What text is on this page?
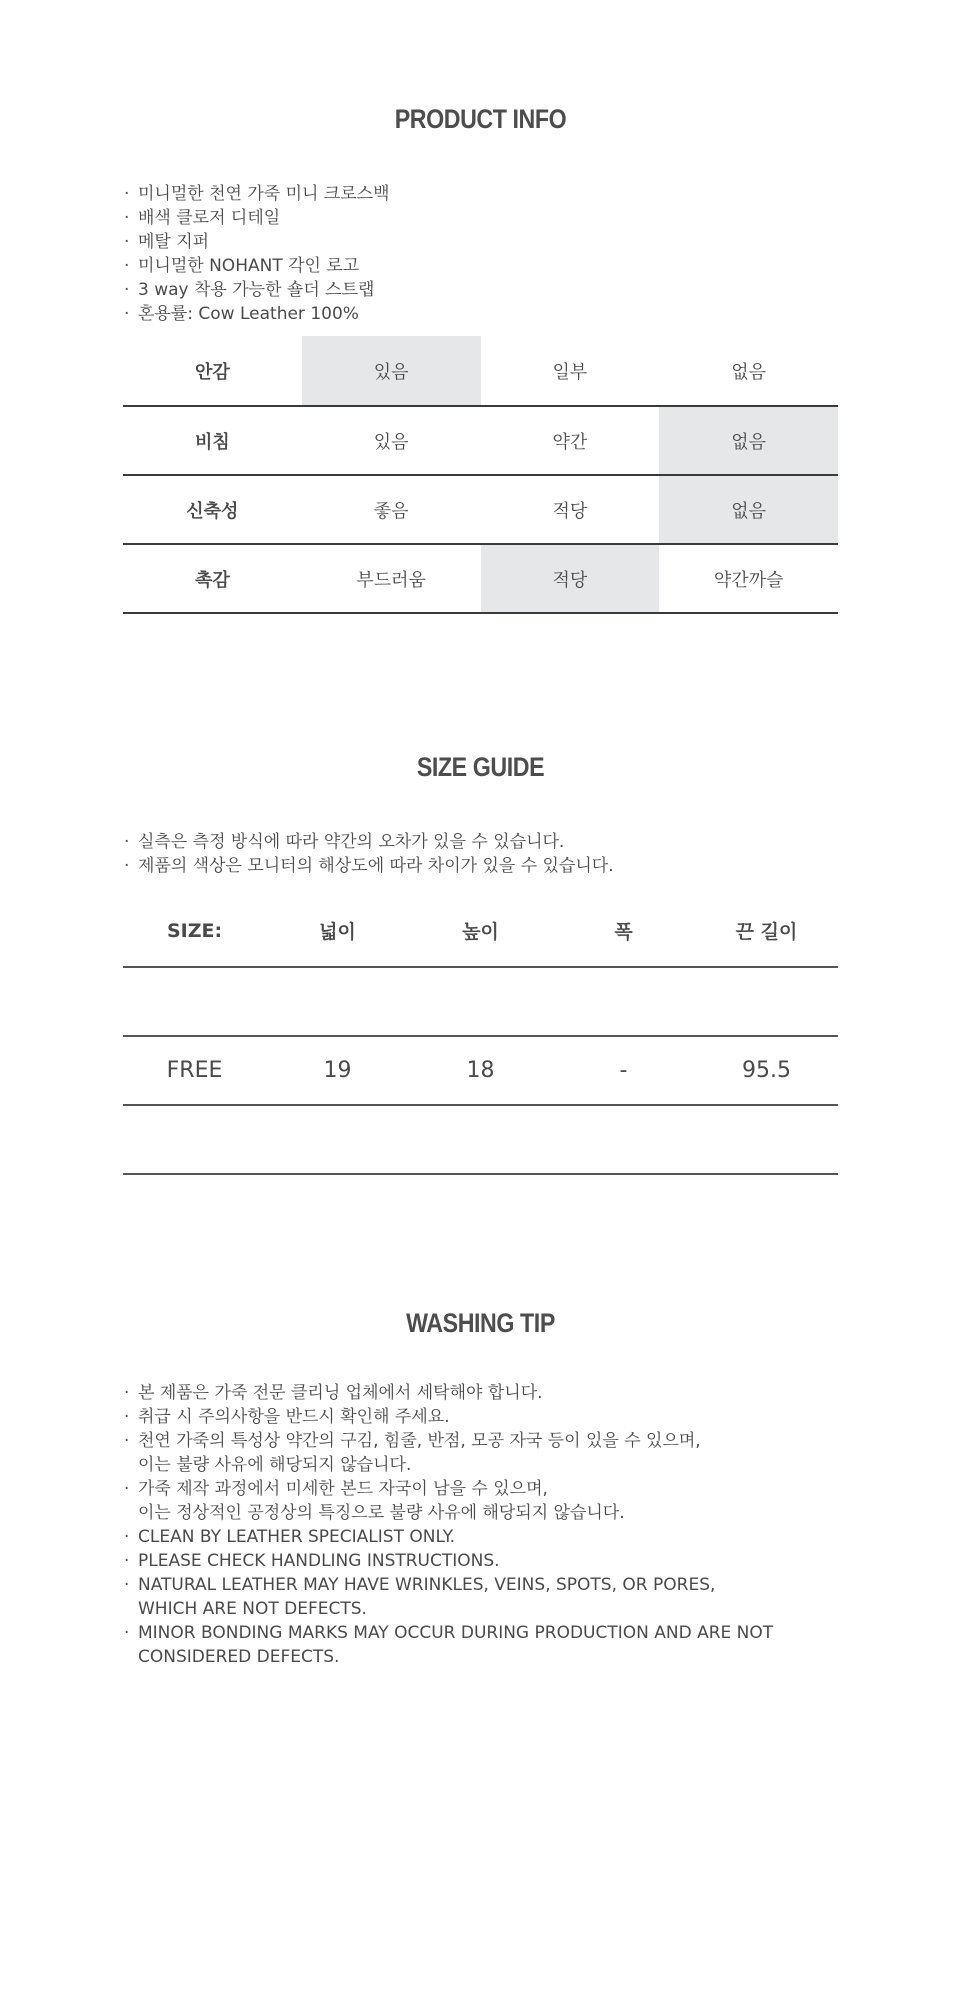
PRODUCT INFO
· 미니멀한 천연 가죽 미니 크로스백
· 배색 클로저 디테일
· 메탈 지퍼
· 미니멀한 NOHANT 각인 로고
· 3 way 착용 가능한 숄더 스트랩
· 혼용률: Cow Leather 100%
안감	있음	일부	없음
비침	있음	약간	없음
신축성	좋음	적당	없음
촉감	부드러움	적당	약간까슬
SIZE GUIDE
· 실측은 측정 방식에 따라 약간의 오차가 있을 수 있습니다.
· 제품의 색상은 모니터의 해상도에 따라 차이가 있을 수 있습니다.
SIZE:	넓이	높이	폭	끈 길이

FREE	19	18	-	95.5

WASHING TIP
· 본 제품은 가죽 전문 클리닝 업체에서 세탁해야 합니다.
· 취급 시 주의사항을 반드시 확인해 주세요.
· 천연 가죽의 특성상 약간의 구김, 힘줄, 반점, 모공 자국 등이 있을 수 있으며,
이는 불량 사유에 해당되지 않습니다.
· 가죽 제작 과정에서 미세한 본드 자국이 남을 수 있으며,
이는 정상적인 공정상의 특징으로 불량 사유에 해당되지 않습니다.
· CLEAN BY LEATHER SPECIALIST ONLY.
· PLEASE CHECK HANDLING INSTRUCTIONS.
· NATURAL LEATHER MAY HAVE WRINKLES, VEINS, SPOTS, OR PORES,
WHICH ARE NOT DEFECTS.
· MINOR BONDING MARKS MAY OCCUR DURING PRODUCTION AND ARE NOT
CONSIDERED DEFECTS.
